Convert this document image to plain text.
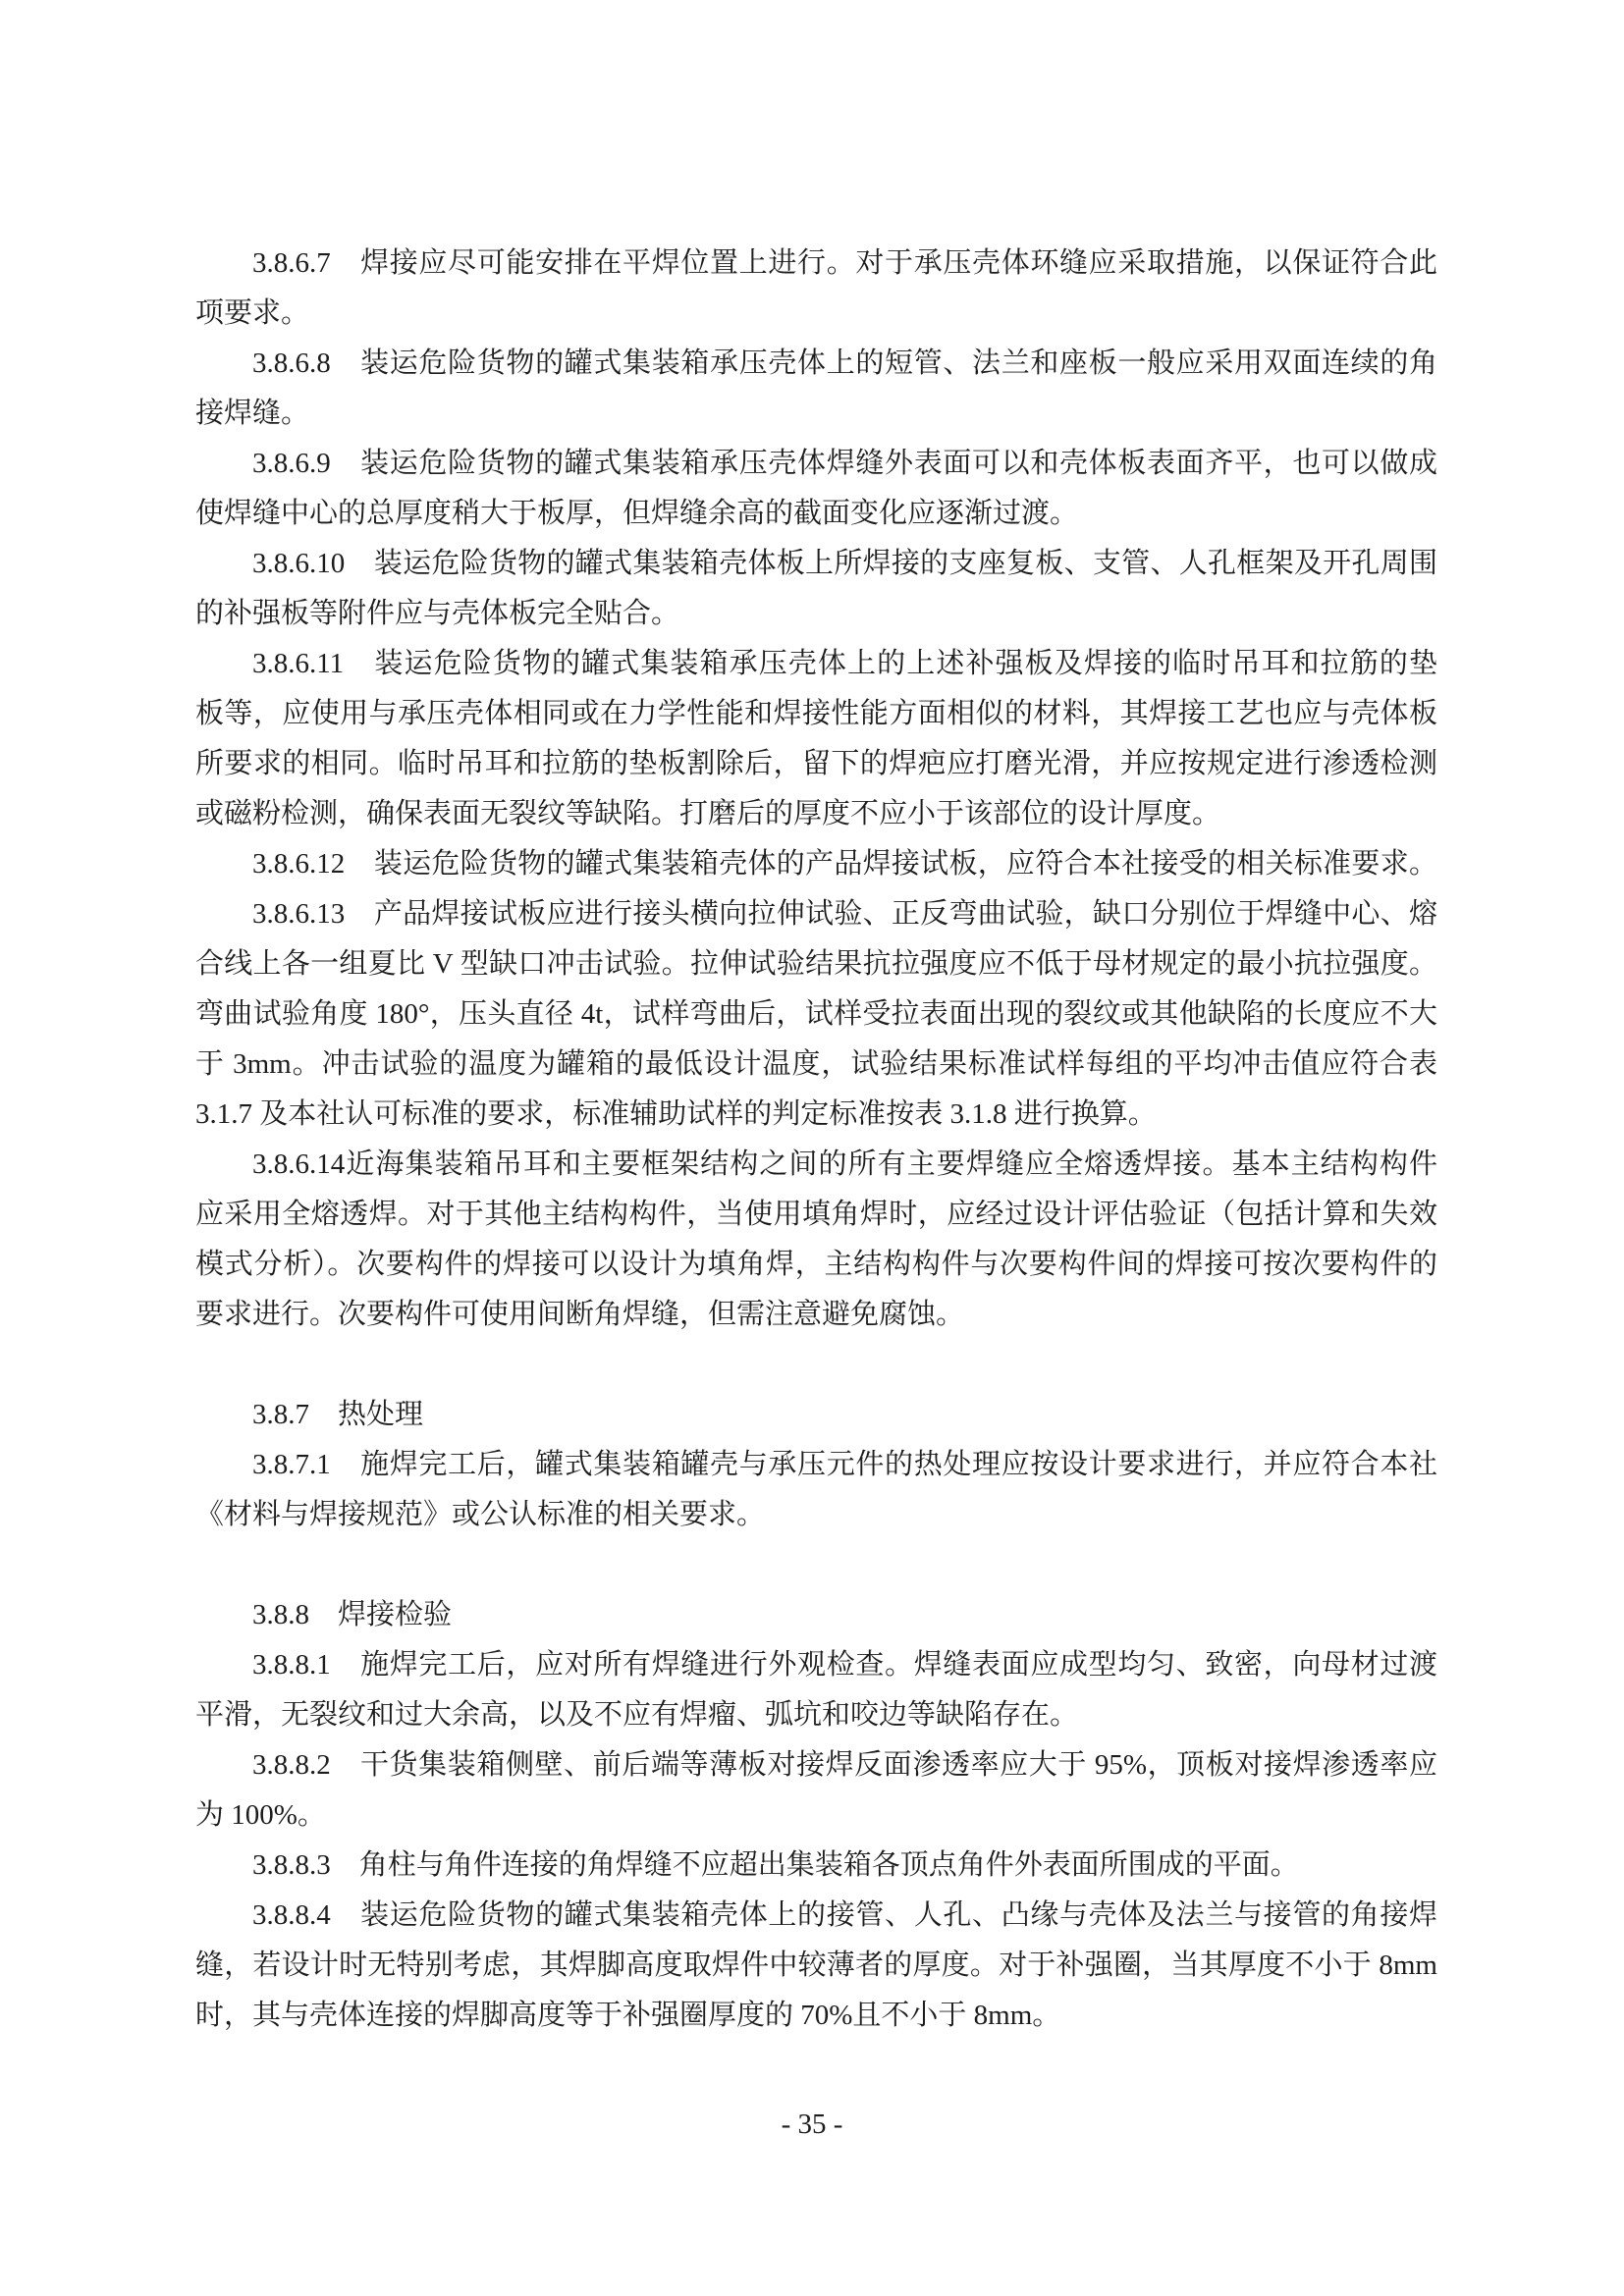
3.8.6.7　焊接应尽可能安排在平焊位置上进行。对于承压壳体环缝应采取措施，以保证符合此
项要求。
3.8.6.8　装运危险货物的罐式集装箱承压壳体上的短管、法兰和座板一般应采用双面连续的角
接焊缝。
3.8.6.9　装运危险货物的罐式集装箱承压壳体焊缝外表面可以和壳体板表面齐平，也可以做成
使焊缝中心的总厚度稍大于板厚，但焊缝余高的截面变化应逐渐过渡。
3.8.6.10　装运危险货物的罐式集装箱壳体板上所焊接的支座复板、支管、人孔框架及开孔周围
的补强板等附件应与壳体板完全贴合。
3.8.6.11　装运危险货物的罐式集装箱承压壳体上的上述补强板及焊接的临时吊耳和拉筋的垫
板等，应使用与承压壳体相同或在力学性能和焊接性能方面相似的材料，其焊接工艺也应与壳体板
所要求的相同。临时吊耳和拉筋的垫板割除后，留下的焊疤应打磨光滑，并应按规定进行渗透检测
或磁粉检测，确保表面无裂纹等缺陷。打磨后的厚度不应小于该部位的设计厚度。
3.8.6.12　装运危险货物的罐式集装箱壳体的产品焊接试板，应符合本社接受的相关标准要求。
3.8.6.13　产品焊接试板应进行接头横向拉伸试验、正反弯曲试验，缺口分别位于焊缝中心、熔
合线上各一组夏比 V 型缺口冲击试验。拉伸试验结果抗拉强度应不低于母材规定的最小抗拉强度。
弯曲试验角度 180°，压头直径 4t，试样弯曲后，试样受拉表面出现的裂纹或其他缺陷的长度应不大
于 3mm。冲击试验的温度为罐箱的最低设计温度，试验结果标准试样每组的平均冲击值应符合表
3.1.7 及本社认可标准的要求，标准辅助试样的判定标准按表 3.1.8 进行换算。
3.8.6.14近海集装箱吊耳和主要框架结构之间的所有主要焊缝应全熔透焊接。基本主结构构件
应采用全熔透焊。对于其他主结构构件，当使用填角焊时，应经过设计评估验证（包括计算和失效
模式分析）。次要构件的焊接可以设计为填角焊，主结构构件与次要构件间的焊接可按次要构件的
要求进行。次要构件可使用间断角焊缝，但需注意避免腐蚀。
3.8.7　热处理
3.8.7.1　施焊完工后，罐式集装箱罐壳与承压元件的热处理应按设计要求进行，并应符合本社
《材料与焊接规范》或公认标准的相关要求。
3.8.8　焊接检验
3.8.8.1　施焊完工后，应对所有焊缝进行外观检查。焊缝表面应成型均匀、致密，向母材过渡
平滑，无裂纹和过大余高，以及不应有焊瘤、弧坑和咬边等缺陷存在。
3.8.8.2　干货集装箱侧壁、前后端等薄板对接焊反面渗透率应大于 95%，顶板对接焊渗透率应
为 100%。
3.8.8.3　角柱与角件连接的角焊缝不应超出集装箱各顶点角件外表面所围成的平面。
3.8.8.4　装运危险货物的罐式集装箱壳体上的接管、人孔、凸缘与壳体及法兰与接管的角接焊
缝，若设计时无特别考虑，其焊脚高度取焊件中较薄者的厚度。对于补强圈，当其厚度不小于 8mm
时，其与壳体连接的焊脚高度等于补强圈厚度的 70%且不小于 8mm。
- 35 -
